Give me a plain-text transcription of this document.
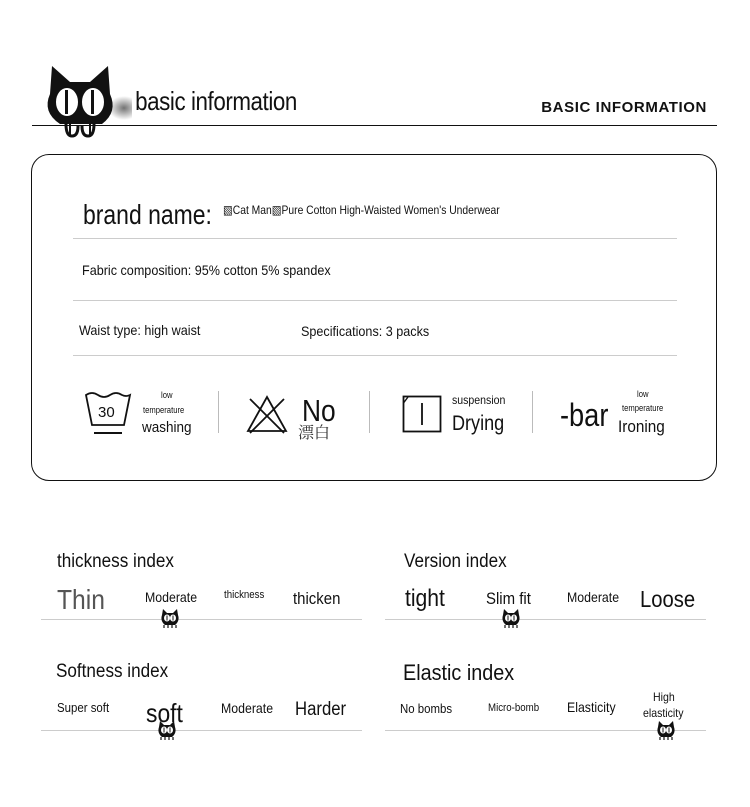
basic information	BASIC INFORMATION
brand name: ▧Cat Man▧Pure Cotton High-Waisted Women's Underwear
Fabric composition: 95% cotton 5% spandex
Waist type: high waist	Specifications: 3 packs
30
low
temperature
washing	No
漂白
suspension
Drying -bar
low
temperature
Ironing
thickness index
Thin	Moderate thickness thicken
Version index
tight Slim fit	Moderate Loose
Softness index
Super soft soft	Moderate Harder
Elastic index
No bombs	Micro-bomb Elasticity
High
elasticity
